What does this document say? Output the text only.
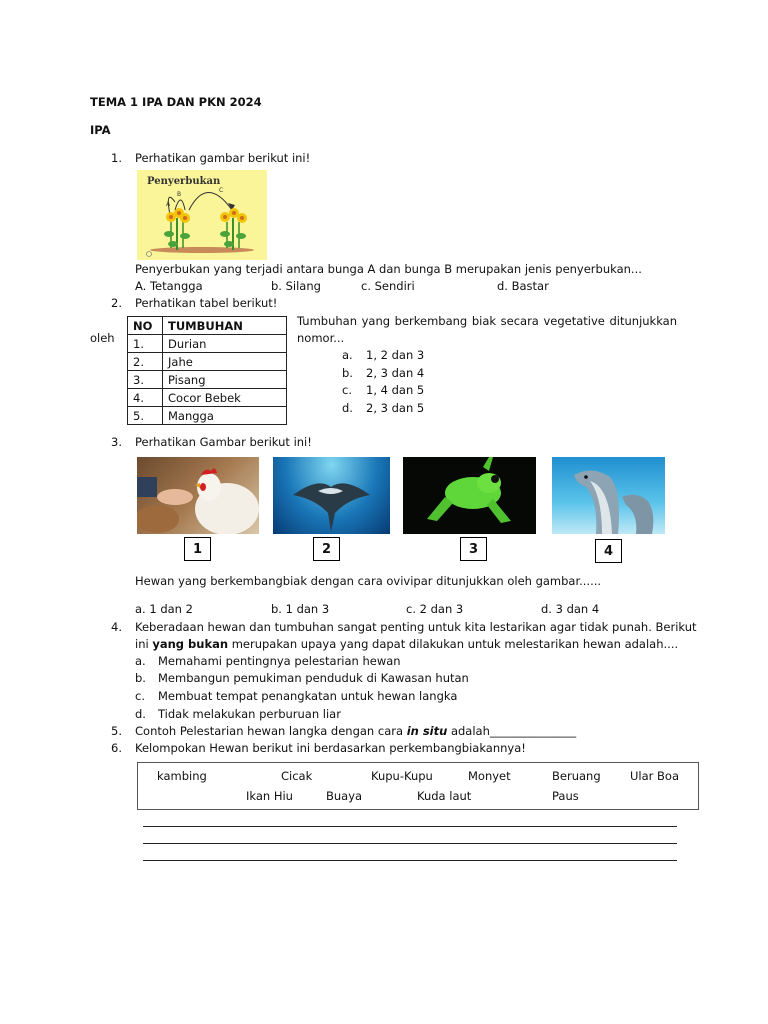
TEMA 1 IPA DAN PKN 2024
IPA
1. Perhatikan gambar berikut ini!
Penyerbukan
A
B
C
Penyerbukan yang terjadi antara bunga A dan bunga B merupakan jenis penyerbukan...
A. Tetangga	b. Silang	c. Sendiri	d. Bastar
2. Perhatikan tabel berikut!
oleh
NO	TUMBUHAN
1.	Durian
2.	Jahe
3.	Pisang
4.	Cocor Bebek
5.	Mangga
Tumbuhan yang berkembang biak secara vegetative ditunjukkan
nomor...
a. 1, 2 dan 3
b. 2, 3 dan 4
c. 1, 4 dan 5
d. 2, 3 dan 5
3. Perhatikan Gambar berikut ini!
1	2	3	4
Hewan yang berkembangbiak dengan cara ovivipar ditunjukkan oleh gambar......
a. 1 dan 2	b. 1 dan 3	c. 2 dan 3	d. 3 dan 4
4. Keberadaan hewan dan tumbuhan sangat penting untuk kita lestarikan agar tidak punah. Berikut
ini yang bukan merupakan upaya yang dapat dilakukan untuk melestarikan hewan adalah....
a. Memahami pentingnya pelestarian hewan
b. Membangun pemukiman penduduk di Kawasan hutan
c. Membuat tempat penangkatan untuk hewan langka
d. Tidak melakukan perburuan liar
5. Contoh Pelestarian hewan langka dengan cara in situ adalah_______________
6. Kelompokan Hewan berikut ini berdasarkan perkembangbiakannya!
kambing	Cicak	Kupu-Kupu	Monyet	Beruang	Ular Boa
Ikan Hiu	Buaya	Kuda laut	Paus
